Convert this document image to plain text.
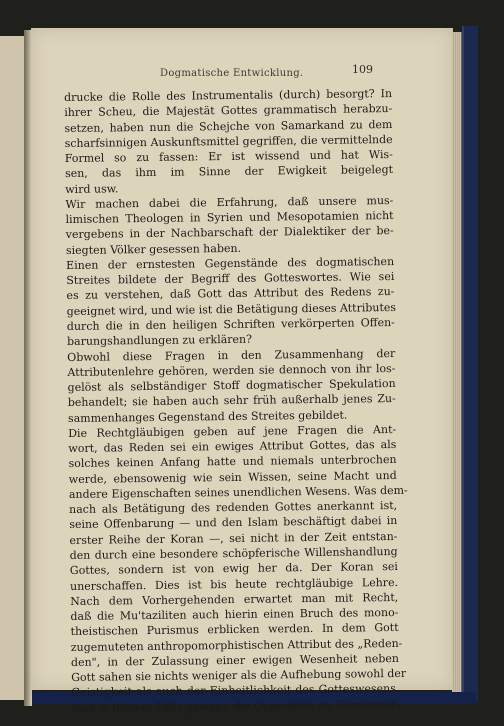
Dogmatische Entwicklung.	109

drucke die Rolle des Instrumentalis (durch) besorgt? In
ihrer Scheu, die Majestät Gottes grammatisch herabzu-
setzen, haben nun die Schejche von Samarkand zu dem
scharfsinnigen Auskunftsmittel gegriffen, die vermittelnde
Formel so zu fassen: Er ist wissend und hat Wis-
sen, das ihm im Sinne der Ewigkeit beigelegt
wird usw.
Wir machen dabei die Erfahrung, daß unsere mus-
limischen Theologen in Syrien und Mesopotamien nicht
vergebens in der Nachbarschaft der Dialektiker der be-
siegten Völker gesessen haben.
Einen der ernstesten Gegenstände des dogmatischen
Streites bildete der Begriff des Gotteswortes. Wie sei
es zu verstehen, daß Gott das Attribut des Redens zu-
geeignet wird, und wie ist die Betätigung dieses Attributes
durch die in den heiligen Schriften verkörperten Offen-
barungshandlungen zu erklären?
Obwohl diese Fragen in den Zusammenhang der
Attributenlehre gehören, werden sie dennoch von ihr los-
gelöst als selbständiger Stoff dogmatischer Spekulation
behandelt; sie haben auch sehr früh außerhalb jenes Zu-
sammenhanges Gegenstand des Streites gebildet.
Die Rechtgläubigen geben auf jene Fragen die Ant-
wort, das Reden sei ein ewiges Attribut Gottes, das als
solches keinen Anfang hatte und niemals unterbrochen
werde, ebensowenig wie sein Wissen, seine Macht und
andere Eigenschaften seines unendlichen Wesens. Was dem-
nach als Betätigung des redenden Gottes anerkannt ist,
seine Offenbarung — und den Islam beschäftigt dabei in
erster Reihe der Koran —, sei nicht in der Zeit entstan-
den durch eine besondere schöpferische Willenshandlung
Gottes, sondern ist von ewig her da. Der Koran sei
unerschaffen. Dies ist bis heute rechtgläubige Lehre.
Nach dem Vorhergehenden erwartet man mit Recht,
daß die Mu'taziliten auch hierin einen Bruch des mono-
theistischen Purismus erblicken werden. In dem Gott
zugemuteten anthropomorphistischen Attribut des „Reden-
den", in der Zulassung einer ewigen Wesenheit neben
Gott sahen sie nichts weniger als die Aufhebung sowohl der
Geistigkeit als auch der Einheitlichkeit des Gotteswesens.
Und in diesem Falle gewann die Opposition an Gemeinver-
